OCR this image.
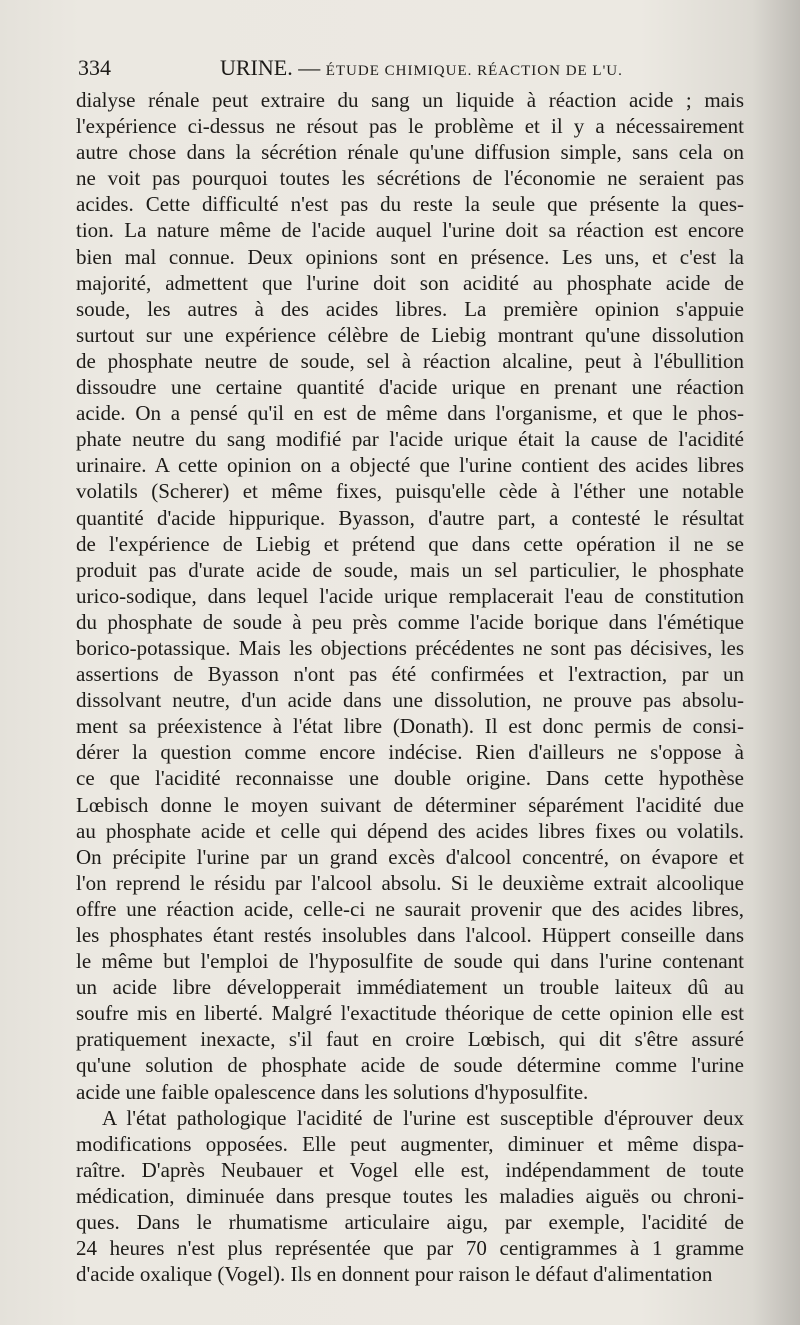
334	URINE. — ÉTUDE CHIMIQUE. RÉACTION DE L'U.
dialyse rénale peut extraire du sang un liquide à réaction acide ; mais
l'expérience ci-dessus ne résout pas le problème et il y a nécessairement
autre chose dans la sécrétion rénale qu'une diffusion simple, sans cela on
ne voit pas pourquoi toutes les sécrétions de l'économie ne seraient pas
acides. Cette difficulté n'est pas du reste la seule que présente la ques-
tion. La nature même de l'acide auquel l'urine doit sa réaction est encore
bien mal connue. Deux opinions sont en présence. Les uns, et c'est la
majorité, admettent que l'urine doit son acidité au phosphate acide de
soude, les autres à des acides libres. La première opinion s'appuie
surtout sur une expérience célèbre de Liebig montrant qu'une dissolution
de phosphate neutre de soude, sel à réaction alcaline, peut à l'ébullition
dissoudre une certaine quantité d'acide urique en prenant une réaction
acide. On a pensé qu'il en est de même dans l'organisme, et que le phos-
phate neutre du sang modifié par l'acide urique était la cause de l'acidité
urinaire. A cette opinion on a objecté que l'urine contient des acides libres
volatils (Scherer) et même fixes, puisqu'elle cède à l'éther une notable
quantité d'acide hippurique. Byasson, d'autre part, a contesté le résultat
de l'expérience de Liebig et prétend que dans cette opération il ne se
produit pas d'urate acide de soude, mais un sel particulier, le phosphate
urico-sodique, dans lequel l'acide urique remplacerait l'eau de constitution
du phosphate de soude à peu près comme l'acide borique dans l'émétique
borico-potassique. Mais les objections précédentes ne sont pas décisives, les
assertions de Byasson n'ont pas été confirmées et l'extraction, par un
dissolvant neutre, d'un acide dans une dissolution, ne prouve pas absolu-
ment sa préexistence à l'état libre (Donath). Il est donc permis de consi-
dérer la question comme encore indécise. Rien d'ailleurs ne s'oppose à
ce que l'acidité reconnaisse une double origine. Dans cette hypothèse
Lœbisch donne le moyen suivant de déterminer séparément l'acidité due
au phosphate acide et celle qui dépend des acides libres fixes ou volatils.
On précipite l'urine par un grand excès d'alcool concentré, on évapore et
l'on reprend le résidu par l'alcool absolu. Si le deuxième extrait alcoolique
offre une réaction acide, celle-ci ne saurait provenir que des acides libres,
les phosphates étant restés insolubles dans l'alcool. Hüppert conseille dans
le même but l'emploi de l'hyposulfite de soude qui dans l'urine contenant
un acide libre développerait immédiatement un trouble laiteux dû au
soufre mis en liberté. Malgré l'exactitude théorique de cette opinion elle est
pratiquement inexacte, s'il faut en croire Lœbisch, qui dit s'être assuré
qu'une solution de phosphate acide de soude détermine comme l'urine
acide une faible opalescence dans les solutions d'hyposulfite.
A l'état pathologique l'acidité de l'urine est susceptible d'éprouver deux
modifications opposées. Elle peut augmenter, diminuer et même dispa-
raître. D'après Neubauer et Vogel elle est, indépendamment de toute
médication, diminuée dans presque toutes les maladies aiguës ou chroni-
ques. Dans le rhumatisme articulaire aigu, par exemple, l'acidité de
24 heures n'est plus représentée que par 70 centigrammes à 1 gramme
d'acide oxalique (Vogel). Ils en donnent pour raison le défaut d'alimentation
